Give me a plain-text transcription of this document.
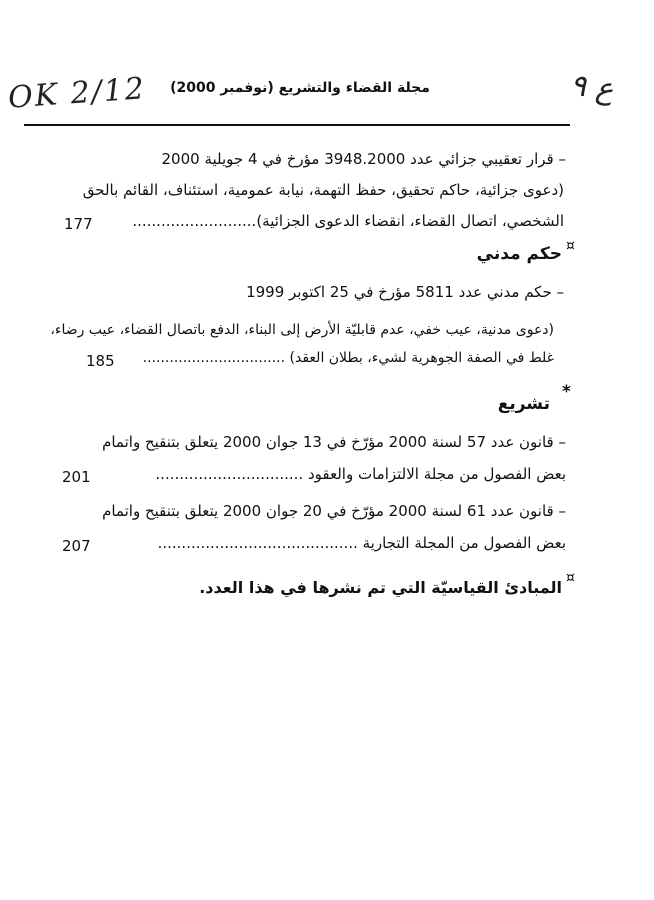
OK 2/12	ع ٩
مجلة القضاء والتشريع (نوفمبر 2000)
– قرار تعقيبي جزائي عدد 3948.2000 مؤرخ في 4 جويلية 2000
(دعوى جزائية، حاكم تحقيق، حفظ التهمة، نيابة عمومية، استئناف، القائم بالحق
الشخصي، اتصال القضاء، انقضاء الدعوى الجزائية)..........................
177
¤
حكم مدني
– حكم مدني عدد 5811 مؤرخ في 25 اكتوبر 1999
(دعوى مدنية، عيب خفي، عدم قابليّة الأرض إلى البناء، الدفع باتصال القضاء، عيب رضاء،
غلط في الصفة الجوهرية لشيء، بطلان العقد) ................................
185
*
تشريع
– قانون عدد 57 لسنة 2000 مؤرّخ في 13 جوان 2000 يتعلق بتنقيح واتمام
بعض الفصول من مجلة الالتزامات والعقود ...............................
201
– قانون عدد 61 لسنة 2000 مؤرّخ في 20 جوان 2000 يتعلق بتنقيح واتمام
بعض الفصول من المجلة التجارية ..........................................
207
¤
المبادئ القياسيّة التي تم نشرها في هذا العدد.
